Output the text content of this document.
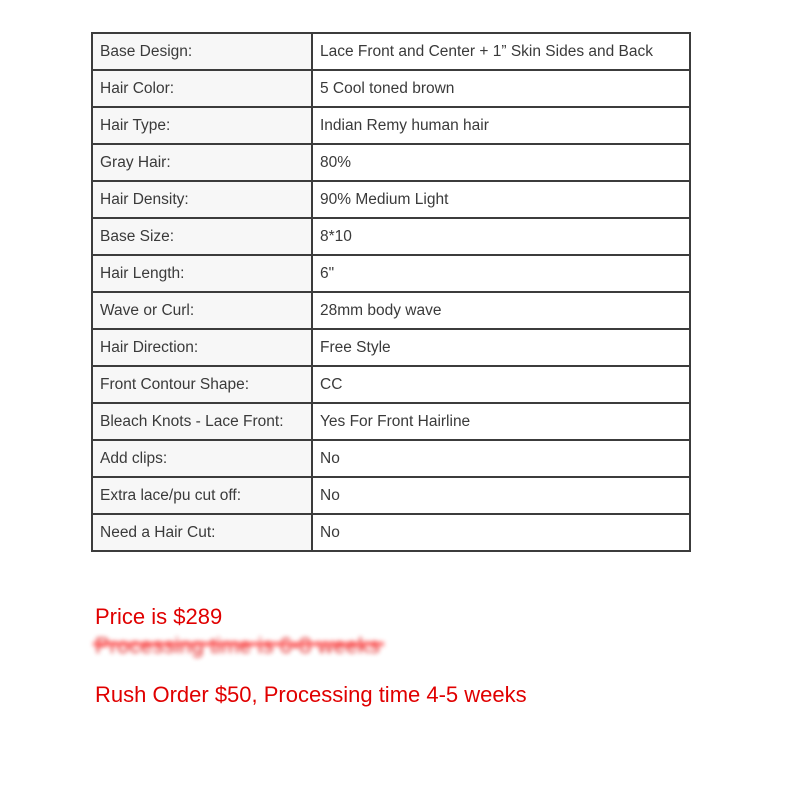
Base Design:	Lace Front and Center + 1” Skin Sides and Back
Hair Color:	5 Cool toned brown
Hair Type:	Indian Remy human hair
Gray Hair:	80%
Hair Density:	90% Medium Light
Base Size:	8*10
Hair Length:	6"
Wave or Curl:	28mm body wave
Hair Direction:	Free Style
Front Contour Shape:	CC
Bleach Knots - Lace Front:	Yes For Front Hairline
Add clips:	No
Extra lace/pu cut off:	No
Need a Hair Cut:	No
Price is $289
Rush Order $50, Processing time 4-5 weeks
